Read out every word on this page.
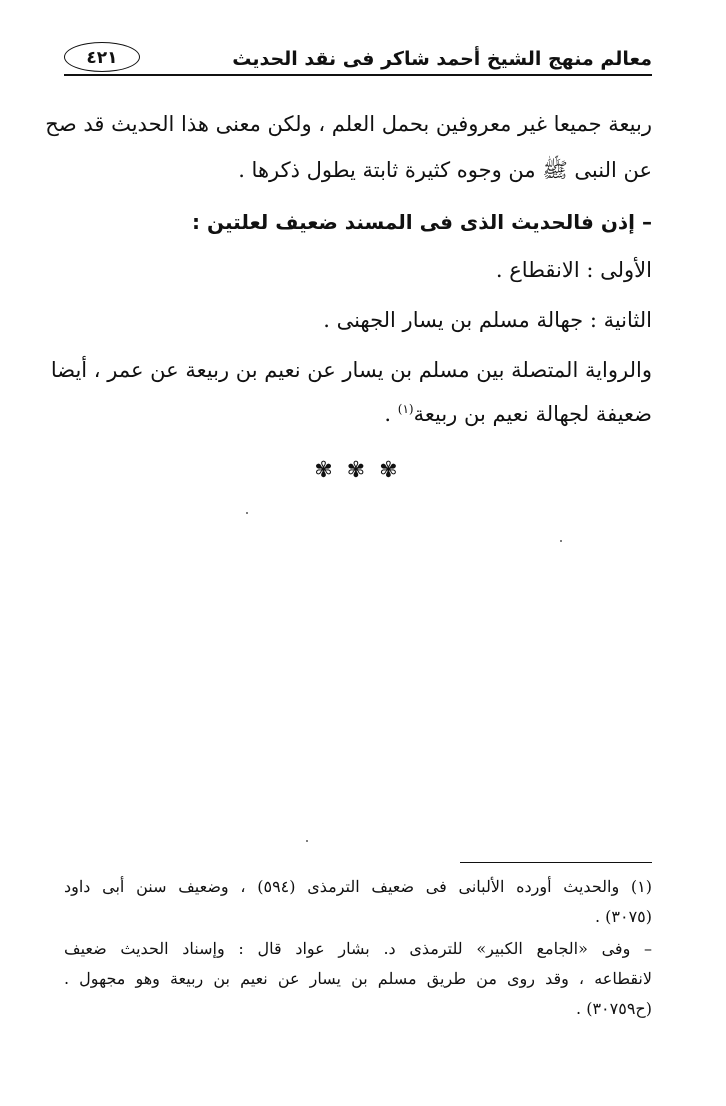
معالم منهج الشيخ أحمد شاكر فى نقد الحديث
٤٢١
ربيعة جميعا غير معروفين بحمل العلم ، ولكن معنى هذا الحديث قد صح
عن النبى ﷺ من وجوه كثيرة ثابتة يطول ذكرها .
– إذن فالحديث الذى فى المسند ضعيف لعلتين :
الأولى : الانقطاع .
الثانية : جهالة مسلم بن يسار الجهنى .
والرواية المتصلة بين مسلم بن يسار عن نعيم بن ربيعة عن عمر ، أيضا
ضعيفة لجهالة نعيم بن ربيعة$^{(١)}$ .
✾✾✾
(١) والحديث أورده الألبانى فى ضعيف الترمذى (٥٩٤) ، وضعيف سنن أبى داود
(٣٠٧٥) .
– وفى «الجامع الكبير» للترمذى د. بشار عواد قال : وإسناد الحديث ضعيف
لانقطاعه ، وقد روى من طريق مسلم بن يسار عن نعيم بن ربيعة وهو مجهول .
(ح٣٠٧٥٩) .
